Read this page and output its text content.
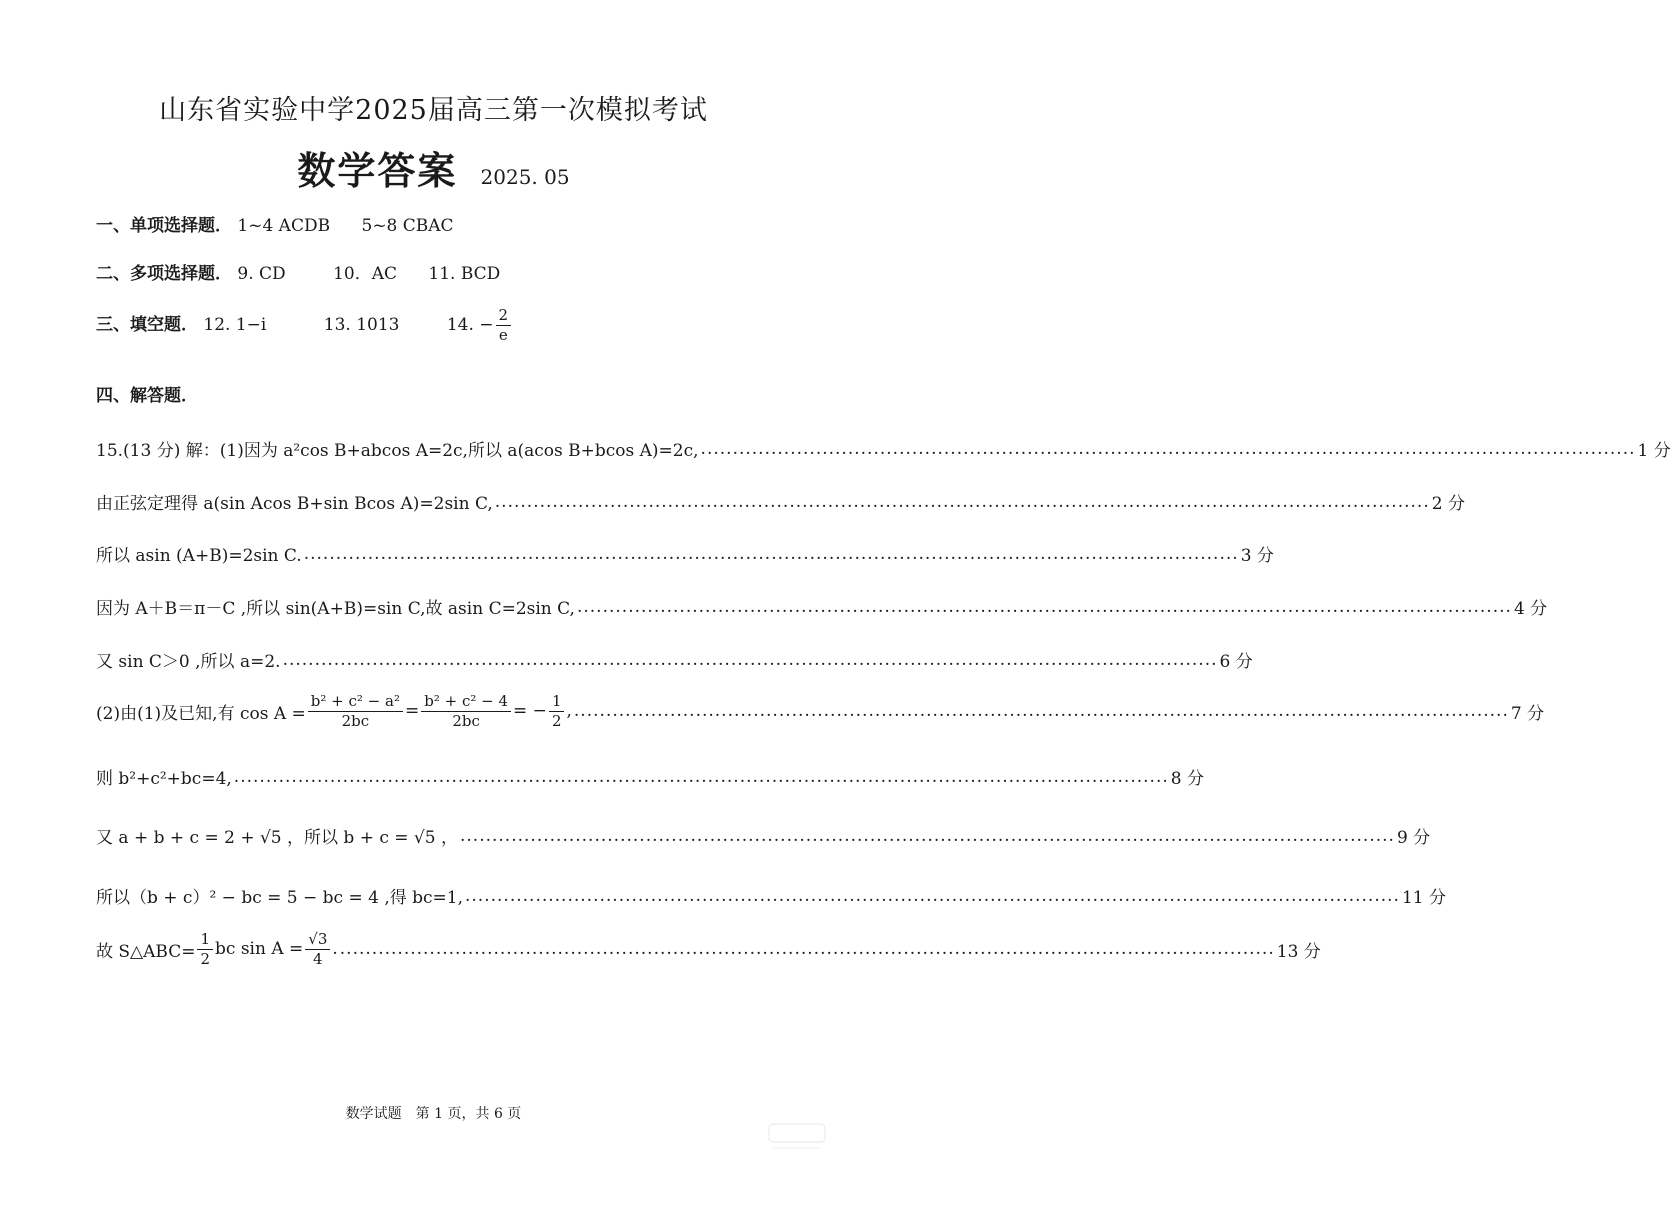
山东省实验中学2025届高三第一次模拟考试
数学答案 2025. 05
一、单项选择题． 1~4 ACDB 5~8 CBAC
二、多项选择题． 9. CD	10．AC 11. BCD
三、填空题． 12. 1−i	13. 1013	14. − $\frac{2}{e}$
四、解答题．
15.(13 分) 解：(1)因为 a²cos B+abcos A=2c,所以 a(acos B+bcos A)=2c, .................................................................................................................................................. 1 分
由正弦定理得 a(sin Acos B+sin Bcos A)=2sin C, .................................................................................................................................................. 2 分
所以 asin (A+B)=2sin C. .................................................................................................................................................. 3 分
因为 A＋B＝π－C ,所以 sin(A+B)=sin C,故 asin C=2sin C, .................................................................................................................................................. 4 分
又 sin C＞0 ,所以 a=2. .................................................................................................................................................. 6 分
(2)由(1)及已知,有 $\cos A = \frac{\text{b² + c² − a²}}{2bc} = \frac{\text{b² + c² − 4}}{2bc}$ = − $\frac{1}{2}$ , .................................................................................................................................................. 7 分
则 b²+c²+bc=4, .................................................................................................................................................. 8 分
又 a + b + c = 2 + √5 ，所以 b + c = √5 ， .................................................................................................................................................. 9 分
所以（b + c）² − bc = 5 − bc = 4 ,得 bc=1, .................................................................................................................................................. 11 分
故 S△ABC= $\frac{1}{2}$ bc $\sin A = \frac{√3}{4}$ . .................................................................................................................................................. 13 分
数学试题　第 1 页，共 6 页
